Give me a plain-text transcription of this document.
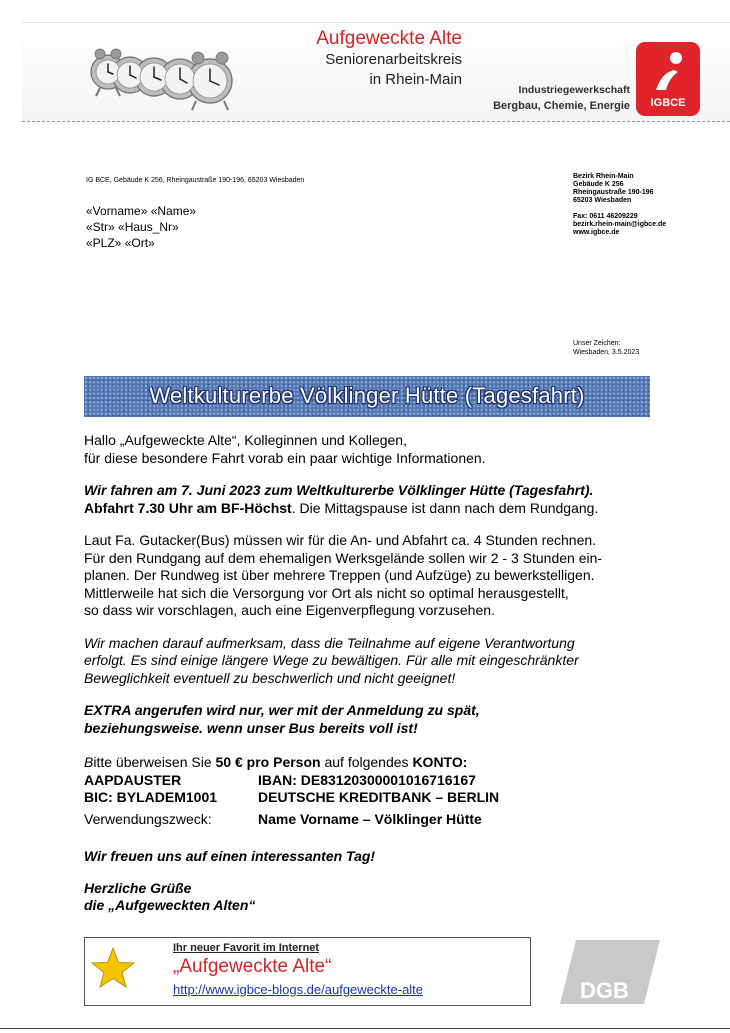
Aufgeweckte Alte
Seniorenarbeitskreis
in Rhein-Main
Industriegewerkschaft
Bergbau, Chemie, Energie	IGBCE
IG BCE, Gebäude K 256, Rheingaustraße 190-196, 65203 Wiesbaden
«Vorname» «Name»
«Str» «Haus_Nr»
«PLZ» «Ort»
Bezirk Rhein-Main
Gebäude K 256
Rheingaustraße 190-196
65203 Wiesbaden
Fax: 0611 46209229
bezirk.rhein-main@igbce.de
www.igbce.de
Unser Zeichen:
Wiesbaden, 3.5.2023
Weltkulturerbe Völklinger Hütte (Tagesfahrt)

Hallo „Aufgeweckte Alte“, Kolleginnen und Kollegen,

für diese besondere Fahrt vorab ein paar wichtige Informationen.

Wir fahren am 7. Juni 2023 zum Weltkulturerbe Völklinger Hütte (Tagesfahrt).

Abfahrt 7.30 Uhr am BF-Höchst. Die Mittagspause ist dann nach dem Rundgang.

Laut Fa. Gutacker(Bus) müssen wir für die An- und Abfahrt ca. 4 Stunden rechnen.

Für den Rundgang auf dem ehemaligen Werksgelände sollen wir 2 - 3 Stunden ein-

planen. Der Rundweg ist über mehrere Treppen (und Aufzüge) zu bewerkstelligen.

Mittlerweile hat sich die Versorgung vor Ort als nicht so optimal herausgestellt,

so dass wir vorschlagen, auch eine Eigenverpflegung vorzusehen.

Wir machen darauf aufmerksam, dass die Teilnahme auf eigene Verantwortung

erfolgt. Es sind einige längere Wege zu bewältigen. Für alle mit eingeschränkter

Beweglichkeit eventuell zu beschwerlich und nicht geeignet!

EXTRA angerufen wird nur, wer mit der Anmeldung zu spät,

beziehungsweise. wenn unser Bus bereits voll ist!

Bitte überweisen Sie 50 € pro Person auf folgendes KONTO:
AAPDAUSTER	IBAN: DE83120300001016716167
BIC: BYLADEM1001	DEUTSCHE KREDITBANK – BERLIN
Verwendungszweck:	Name Vorname – Völklinger Hütte
Wir freuen uns auf einen interessanten Tag!
Herzliche Grüße
die „Aufgeweckten Alten“
Ihr neuer Favorit im Internet
„Aufgeweckte Alte“
http://www.igbce-blogs.de/aufgeweckte-alte	DGB
